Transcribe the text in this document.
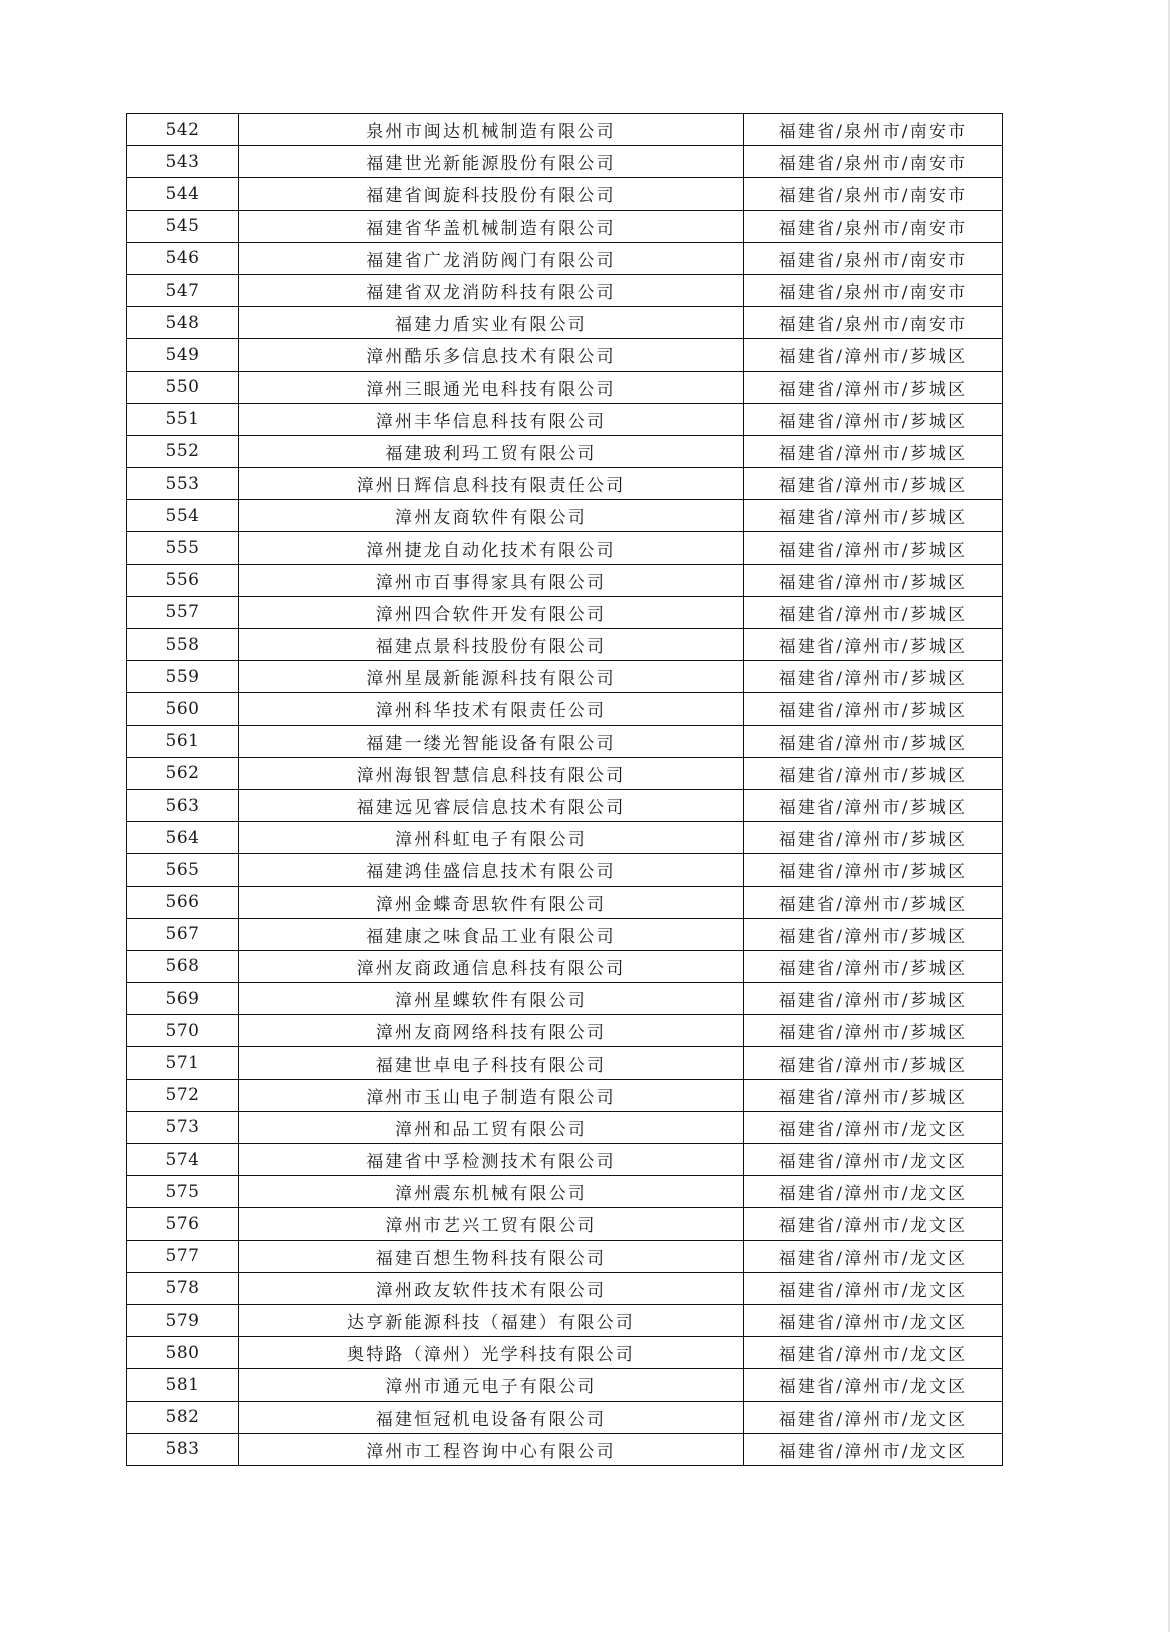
542	泉州市闽达机械制造有限公司	福建省/泉州市/南安市
543	福建世光新能源股份有限公司	福建省/泉州市/南安市
544	福建省闽旋科技股份有限公司	福建省/泉州市/南安市
545	福建省华盖机械制造有限公司	福建省/泉州市/南安市
546	福建省广龙消防阀门有限公司	福建省/泉州市/南安市
547	福建省双龙消防科技有限公司	福建省/泉州市/南安市
548	福建力盾实业有限公司	福建省/泉州市/南安市
549	漳州酷乐多信息技术有限公司	福建省/漳州市/芗城区
550	漳州三眼通光电科技有限公司	福建省/漳州市/芗城区
551	漳州丰华信息科技有限公司	福建省/漳州市/芗城区
552	福建玻利玛工贸有限公司	福建省/漳州市/芗城区
553	漳州日辉信息科技有限责任公司	福建省/漳州市/芗城区
554	漳州友商软件有限公司	福建省/漳州市/芗城区
555	漳州捷龙自动化技术有限公司	福建省/漳州市/芗城区
556	漳州市百事得家具有限公司	福建省/漳州市/芗城区
557	漳州四合软件开发有限公司	福建省/漳州市/芗城区
558	福建点景科技股份有限公司	福建省/漳州市/芗城区
559	漳州星晟新能源科技有限公司	福建省/漳州市/芗城区
560	漳州科华技术有限责任公司	福建省/漳州市/芗城区
561	福建一缕光智能设备有限公司	福建省/漳州市/芗城区
562	漳州海银智慧信息科技有限公司	福建省/漳州市/芗城区
563	福建远见睿辰信息技术有限公司	福建省/漳州市/芗城区
564	漳州科虹电子有限公司	福建省/漳州市/芗城区
565	福建鸿佳盛信息技术有限公司	福建省/漳州市/芗城区
566	漳州金蝶奇思软件有限公司	福建省/漳州市/芗城区
567	福建康之味食品工业有限公司	福建省/漳州市/芗城区
568	漳州友商政通信息科技有限公司	福建省/漳州市/芗城区
569	漳州星蝶软件有限公司	福建省/漳州市/芗城区
570	漳州友商网络科技有限公司	福建省/漳州市/芗城区
571	福建世卓电子科技有限公司	福建省/漳州市/芗城区
572	漳州市玉山电子制造有限公司	福建省/漳州市/芗城区
573	漳州和品工贸有限公司	福建省/漳州市/龙文区
574	福建省中孚检测技术有限公司	福建省/漳州市/龙文区
575	漳州震东机械有限公司	福建省/漳州市/龙文区
576	漳州市艺兴工贸有限公司	福建省/漳州市/龙文区
577	福建百想生物科技有限公司	福建省/漳州市/龙文区
578	漳州政友软件技术有限公司	福建省/漳州市/龙文区
579	达亨新能源科技（福建）有限公司	福建省/漳州市/龙文区
580	奥特路（漳州）光学科技有限公司	福建省/漳州市/龙文区
581	漳州市通元电子有限公司	福建省/漳州市/龙文区
582	福建恒冠机电设备有限公司	福建省/漳州市/龙文区
583	漳州市工程咨询中心有限公司	福建省/漳州市/龙文区
